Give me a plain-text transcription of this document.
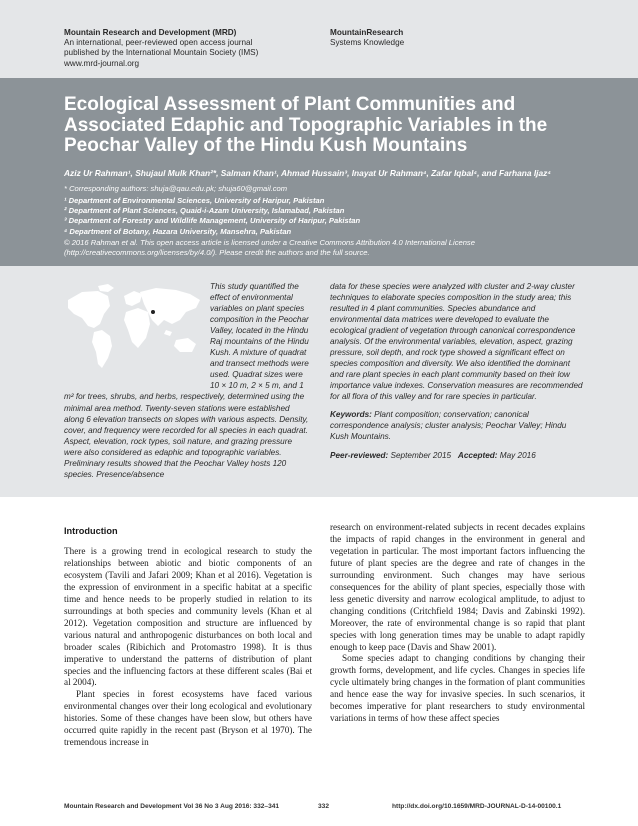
Mountain Research and Development (MRD)
An international, peer-reviewed open access journal
published by the International Mountain Society (IMS)
www.mrd-journal.org
MountainResearch
Systems Knowledge
Ecological Assessment of Plant Communities and Associated Edaphic and Topographic Variables in the Peochar Valley of the Hindu Kush Mountains
Aziz Ur Rahman¹, Shujaul Mulk Khan²*, Salman Khan¹, Ahmad Hussain³, Inayat Ur Rahman⁴, Zafar Iqbal⁴, and Farhana Ijaz⁴
* Corresponding authors: shuja@qau.edu.pk; shuja60@gmail.com
¹ Department of Environmental Sciences, University of Haripur, Pakistan
² Department of Plant Sciences, Quaid-i-Azam University, Islamabad, Pakistan
³ Department of Forestry and Wildlife Management, University of Haripur, Pakistan
⁴ Department of Botany, Hazara University, Mansehra, Pakistan
© 2016 Rahman et al. This open access article is licensed under a Creative Commons Attribution 4.0 International License (http://creativecommons.org/licenses/by/4.0/). Please credit the authors and the full source.
This study quantified the effect of environmental variables on plant species composition in the Peochar Valley, located in the Hindu Raj mountains of the Hindu Kush. A mixture of quadrat and transect methods were used. Quadrat sizes were 10 × 10 m, 2 × 5 m, and 1 m² for trees, shrubs, and herbs, respectively, determined using the minimal area method. Twenty-seven stations were established along 6 elevation transects on slopes with various aspects. Density, cover, and frequency were recorded for all species in each quadrat. Aspect, elevation, rock types, soil nature, and grazing pressure were also considered as edaphic and topographic variables. Preliminary results showed that the Peochar Valley hosts 120 species. Presence/absence
data for these species were analyzed with cluster and 2-way cluster techniques to elaborate species composition in the study area; this resulted in 4 plant communities. Species abundance and environmental data matrices were developed to evaluate the ecological gradient of vegetation through canonical correspondence analysis. Of the environmental variables, elevation, aspect, grazing pressure, soil depth, and rock type showed a significant effect on species composition and diversity. We also identified the dominant and rare plant species in each plant community based on their low importance value indexes. Conservation measures are recommended for all flora of this valley and for rare species in particular.
Keywords: Plant composition; conservation; canonical correspondence analysis; cluster analysis; Peochar Valley; Hindu Kush Mountains.
Peer-reviewed: September 2015 Accepted: May 2016
Introduction

There is a growing trend in ecological research to study the relationships between abiotic and biotic components of an ecosystem (Tavili and Jafari 2009; Khan et al 2016). Vegetation is the expression of environment in a specific habitat at a specific time and hence needs to be properly studied in relation to its surroundings at both species and community levels (Khan et al 2012). Vegetation composition and structure are influenced by various natural and anthropogenic disturbances on both local and broader scales (Ribichich and Protomastro 1998). It is thus imperative to understand the patterns of distribution of plant species and the influencing factors at these different scales (Bai et al 2004).

Plant species in forest ecosystems have faced various environmental changes over their long ecological and evolutionary histories. Some of these changes have been slow, but others have occurred quite rapidly in the recent past (Bryson et al 1970). The tremendous increase in

research on environment-related subjects in recent decades explains the impacts of rapid changes in the environment in general and vegetation in particular. The most important factors influencing the future of plant species are the degree and rate of changes in the surrounding environment. Such changes may have serious consequences for the ability of plant species, especially those with less genetic diversity and narrow ecological amplitude, to adjust to changing conditions (Critchfield 1984; Davis and Zabinski 1992). Moreover, the rate of environmental change is so rapid that plant species with long generation times may be unable to adapt rapidly enough to keep pace (Davis and Shaw 2001).

Some species adapt to changing conditions by changing their growth forms, development, and life cycles. Changes in species life cycle ultimately bring changes in the formation of plant communities and hence ease the way for invasive species. In such scenarios, it becomes imperative for plant researchers to study environmental variations in terms of how these affect species

Mountain Research and Development Vol 36 No 3 Aug 2016: 332–341	332	http://dx.doi.org/10.1659/MRD-JOURNAL-D-14-00100.1
